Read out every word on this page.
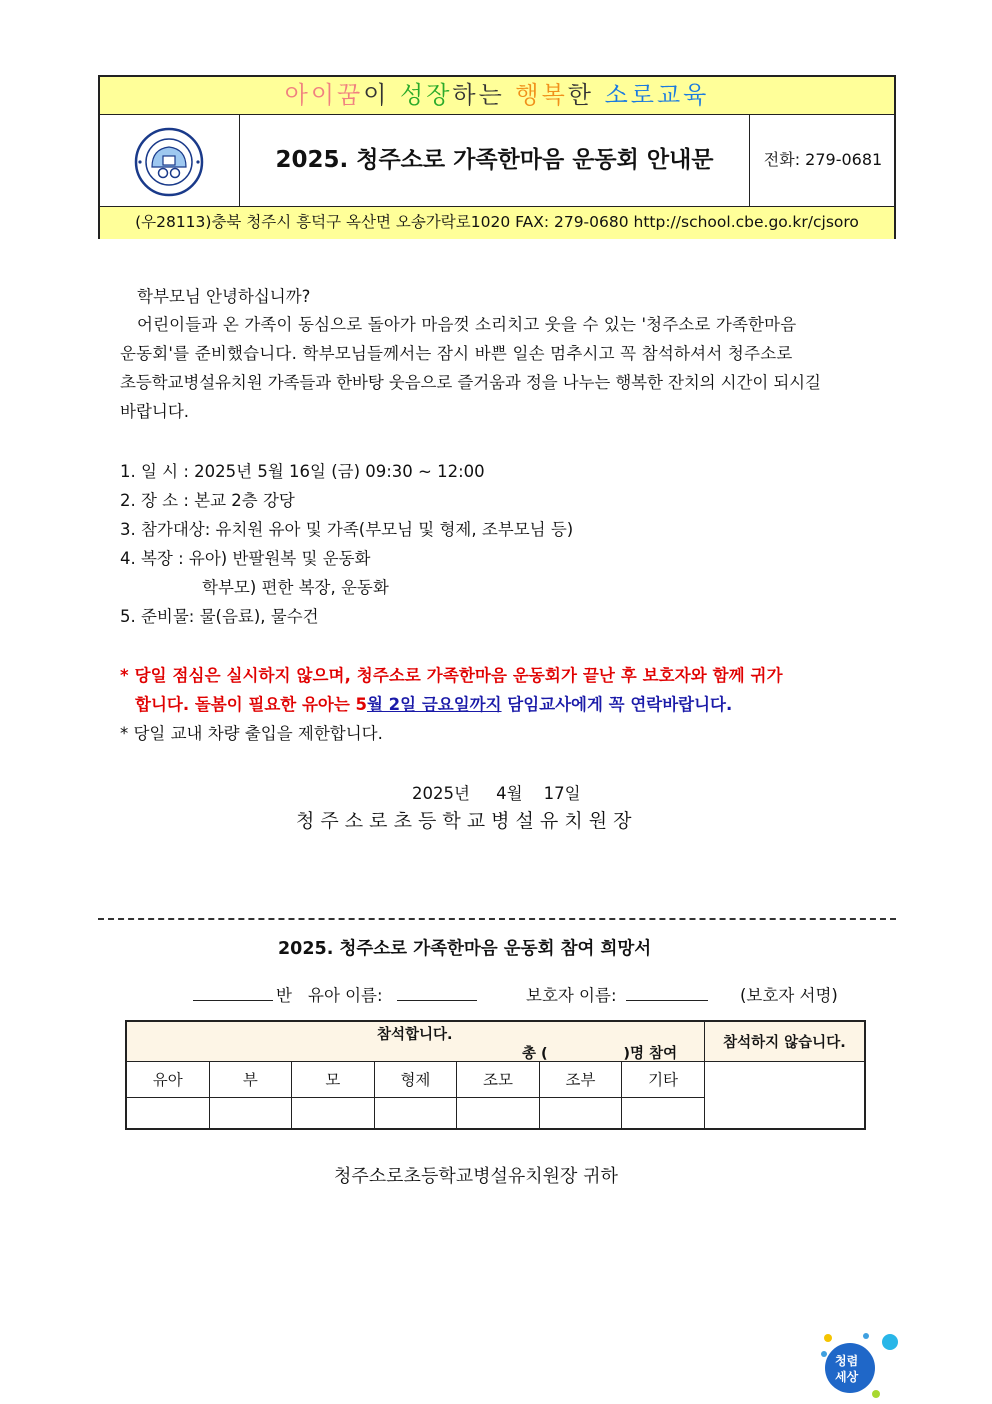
아이꿈이 성장하는 행복한 소로교육
2025. 청주소로 가족한마음 운동회 안내문	전화: 279-0681
(우28113)충북 청주시 흥덕구 옥산면 오송가락로1020 FAX: 279-0680 http://school.cbe.go.kr/cjsoro
학부모님 안녕하십니까?
어린이들과 온 가족이 동심으로 돌아가 마음껏 소리치고 웃을 수 있는 '청주소로 가족한마음
운동회'를 준비했습니다. 학부모님들께서는 잠시 바쁜 일손 멈추시고 꼭 참석하셔서 청주소로
초등학교병설유치원 가족들과 한바탕 웃음으로 즐거움과 정을 나누는 행복한 잔치의 시간이 되시길
바랍니다.
1. 일 시 : 2025년 5월 16일 (금) 09:30 ~ 12:00
2. 장 소 : 본교 2층 강당
3. 참가대상: 유치원 유아 및 가족(부모님 및 형제, 조부모님 등)
4. 복장 : 유아) 반팔원복 및 운동화
학부모) 편한 복장, 운동화
5. 준비물: 물(음료), 물수건
* 당일 점심은 실시하지 않으며, 청주소로 가족한마음 운동회가 끝난 후 보호자와 함께 귀가
합니다. 돌봄이 필요한 유아는 5월 2일 금요일까지 담임교사에게 꼭 연락바랍니다.
* 당일 교내 차량 출입을 제한합니다.
2025년     4월    17일
청 주 소 로 초 등 학 교 병 설 유 치 원 장
2025. 청주소로 가족한마음 운동회 참여 희망서
반 유아 이름:	보호자 이름:	(보호자 서명)
참석합니다.
총 (               )명 참여							참석하지 않습니다.
유아	부	모	형제	조모	조부	기타	

청주소로초등학교병설유치원장 귀하
청렴
세상
